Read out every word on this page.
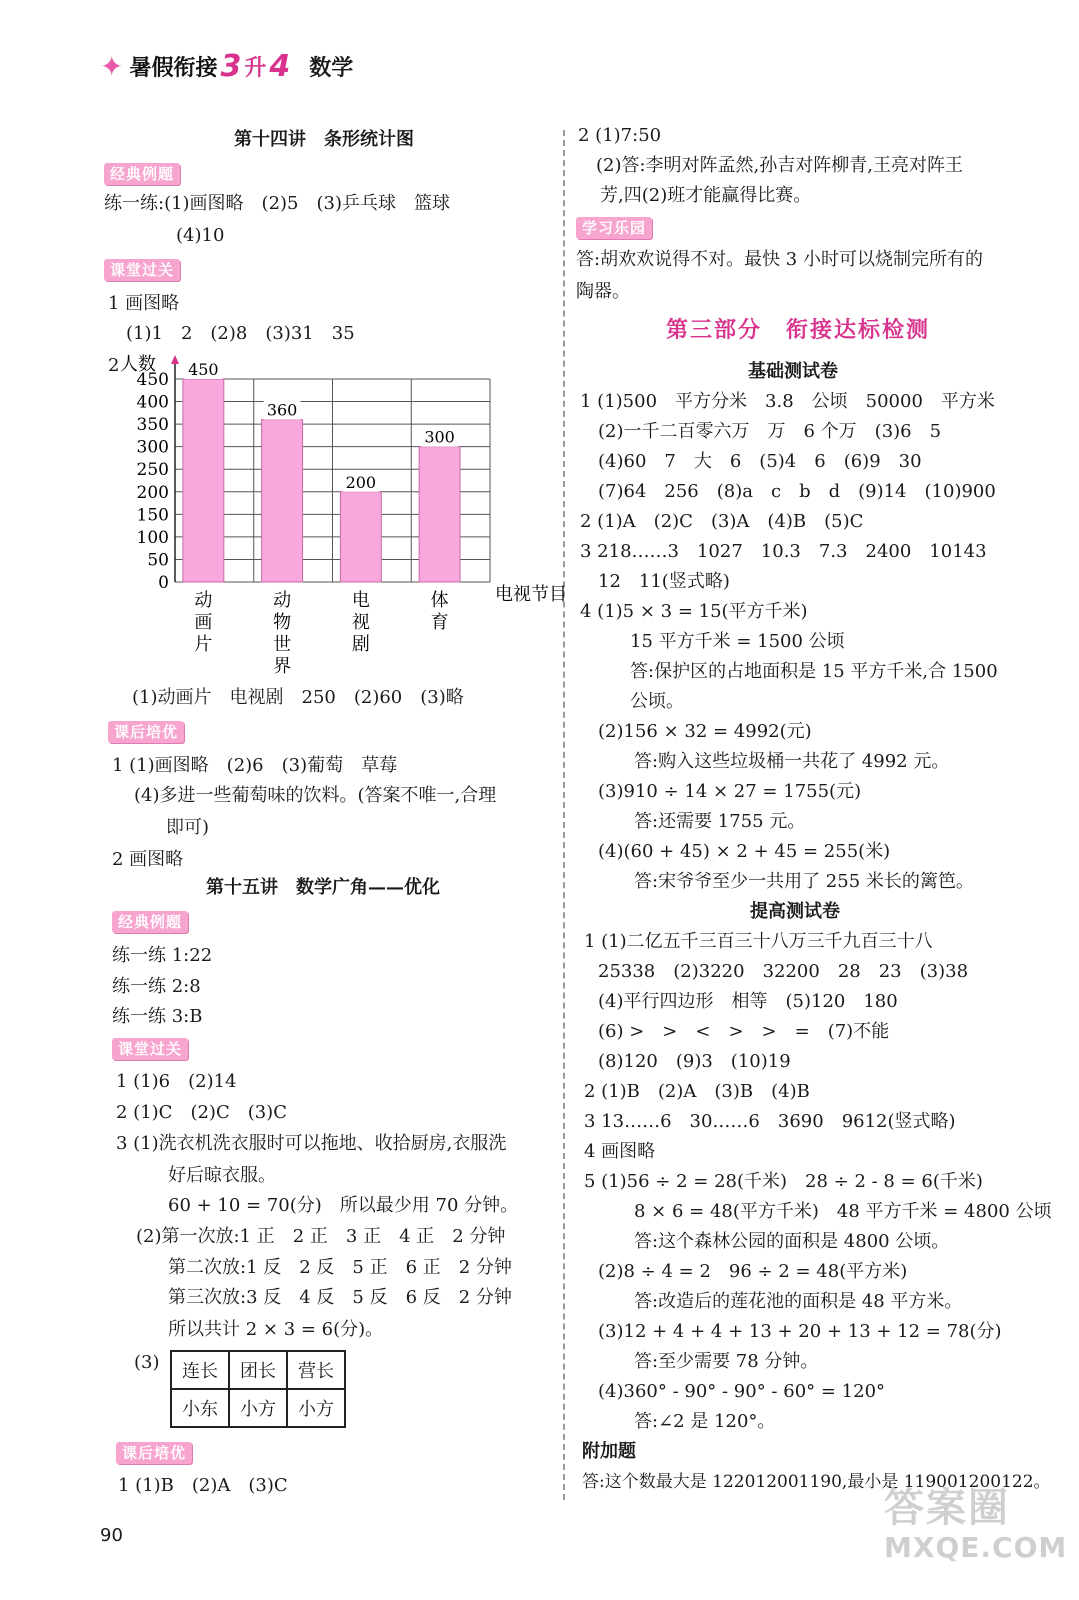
✦ 暑假衔接 3 升 4 数学
第十四讲　条形统计图
经典例题
练一练:(1)画图略　(2)5　(3)乒乓球　篮球
(4)10
课堂过关
1 画图略
(1)1　2　(2)8　(3)31　35
2 人数
电视节目
0
50
100
150
200
250
300
350
400
450
动
画
片
动
物
世
界
电
视
剧
体
育
450
360
200
300
(1)动画片　电视剧　250　(2)60　(3)略
课后培优
1 (1)画图略　(2)6　(3)葡萄　草莓
(4)多进一些葡萄味的饮料。(答案不唯一,合理
即可)
2 画图略
第十五讲　数学广角——优化
经典例题
练一练 1:22
练一练 2:8
练一练 3:B
课堂过关
1 (1)6　(2)14
2 (1)C　(2)C　(3)C
3 (1)洗衣机洗衣服时可以拖地、收拾厨房,衣服洗
好后晾衣服。
60 + 10 = 70(分)　所以最少用 70 分钟。
(2)第一次放:1 正　2 正　3 正　4 正　2 分钟
第二次放:1 反　2 反　5 正　6 正　2 分钟
第三次放:3 反　4 反　5 反　6 反　2 分钟
所以共计 2 × 3 = 6(分)。
(3) 连长	团长	营长
小东	小方	小方
课后培优
1 (1)B　(2)A　(3)C
2 (1)7:50
(2)答:李明对阵孟然,孙吉对阵柳青,王亮对阵王
芳,四(2)班才能赢得比赛。
学习乐园
答:胡欢欢说得不对。最快 3 小时可以烧制完所有的
陶器。
第三部分　衔接达标检测
基础测试卷
1 (1)500　平方分米　3.8　公顷　50000　平方米
(2)一千二百零六万　万　6 个万　(3)6　5
(4)60　7　大　6　(5)4　6　(6)9　30
(7)64　256　(8)a　c　b　d　(9)14　(10)900
2 (1)A　(2)C　(3)A　(4)B　(5)C
3 218……3　1027　10.3　7.3　2400　10143
12　11(竖式略)
4 (1)5 × 3 = 15(平方千米)
15 平方千米 = 1500 公顷
答:保护区的占地面积是 15 平方千米,合 1500
公顷。
(2)156 × 32 = 4992(元)
答:购入这些垃圾桶一共花了 4992 元。
(3)910 ÷ 14 × 27 = 1755(元)
答:还需要 1755 元。
(4)(60 + 45) × 2 + 45 = 255(米)
答:宋爷爷至少一共用了 255 米长的篱笆。
提高测试卷
1 (1)二亿五千三百三十八万三千九百三十八
25338　(2)3220　32200　28　23　(3)38
(4)平行四边形　相等　(5)120　180
(6) >　>　<　>　>　=　(7)不能
(8)120　(9)3　(10)19
2 (1)B　(2)A　(3)B　(4)B
3 13……6　30……6　3690　9612(竖式略)
4 画图略
5 (1)56 ÷ 2 = 28(千米)　28 ÷ 2 - 8 = 6(千米)
8 × 6 = 48(平方千米)　48 平方千米 = 4800 公顷
答:这个森林公园的面积是 4800 公顷。
(2)8 ÷ 4 = 2　96 ÷ 2 = 48(平方米)
答:改造后的莲花池的面积是 48 平方米。
(3)12 + 4 + 4 + 13 + 20 + 13 + 12 = 78(分)
答:至少需要 78 分钟。
(4)360° - 90° - 90° - 60° = 120°
答:∠2 是 120°。
附加题
答:这个数最大是 122012001190,最小是 119001200122。
90
答案圈
MXQE.COM
